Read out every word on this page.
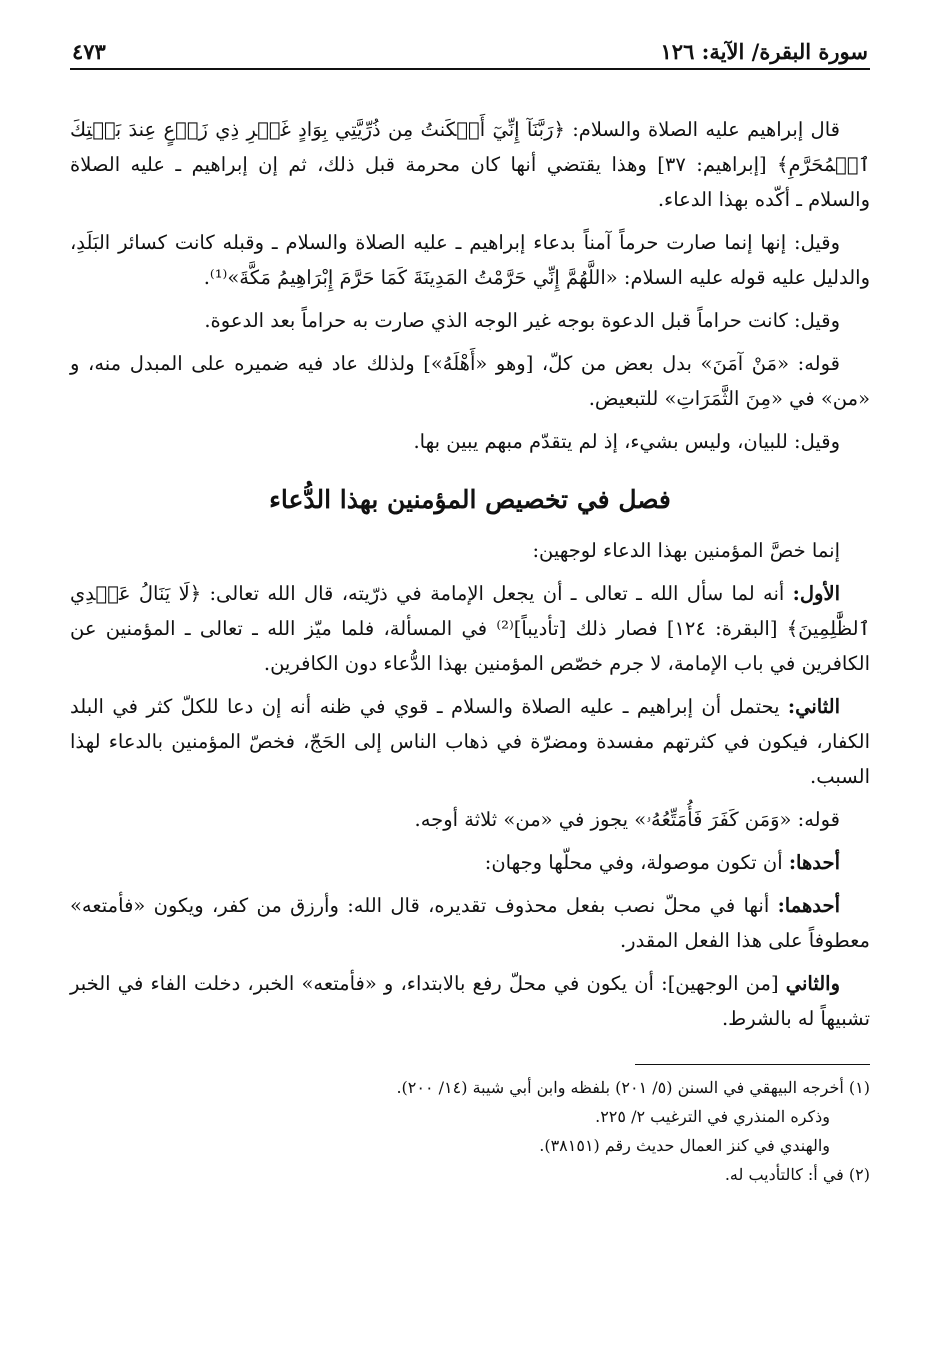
سورة البقرة/ الآية: ١٢٦
٤٧٣

قال إبراهيم عليه الصلاة والسلام: ﴿رَبَّنَآ إِنِّيٓ أَسۡكَنتُ مِن ذُرِّيَّتِي بِوَادٍ غَيۡرِ ذِي زَرۡعٍ عِندَ بَيۡتِكَ ٱلۡمُحَرَّمِ﴾ [إبراهيم: ٣٧] وهذا يقتضي أنها كان محرمة قبل ذلك، ثم إن إبراهيم ـ عليه الصلاة والسلام ـ أكّده بهذا الدعاء.

وقيل: إنها إنما صارت حرماً آمناً بدعاء إبراهيم ـ عليه الصلاة والسلام ـ وقبله كانت كسائر البَلَدِ، والدليل عليه قوله عليه السلام: «اللَّهُمَّ إِنِّي حَرَّمْتُ المَدِينَةَ كَمَا حَرَّمَ إِبْرَاهِيمُ مَكَّةَ»⁽¹⁾.

وقيل: كانت حراماً قبل الدعوة بوجه غير الوجه الذي صارت به حراماً بعد الدعوة.

قوله: «مَنْ آمَنَ» بدل بعض من كلّ، [وهو «أَهْلَهُ»] ولذلك عاد فيه ضميره على المبدل منه، و «من» في «مِنَ الثَّمَرَاتِ» للتبعيض.

وقيل: للبيان، وليس بشيء، إذ لم يتقدّم مبهم يبين بها.

فصل في تخصيص المؤمنين بهذا الدُّعاء

إنما خصَّ المؤمنين بهذا الدعاء لوجهين:

الأول: أنه لما سأل الله ـ تعالى ـ أن يجعل الإمامة في ذرّيته، قال الله تعالى: ﴿لَا يَنَالُ عَهۡدِي ٱلظَّٰلِمِينَ﴾ [البقرة: ١٢٤] فصار ذلك [تأديباً]⁽²⁾ في المسألة، فلما ميّز الله ـ تعالى ـ المؤمنين عن الكافرين في باب الإمامة، لا جرم خصّص المؤمنين بهذا الدُّعاء دون الكافرين.

الثاني: يحتمل أن إبراهيم ـ عليه الصلاة والسلام ـ قوي في ظنه أنه إن دعا للكلّ كثر في البلد الكفار، فيكون في كثرتهم مفسدة ومضرّة في ذهاب الناس إلى الحَجّ، فخصّ المؤمنين بالدعاء لهذا السبب.

قوله: «وَمَن كَفَرَ فَأُمَتِّعُهُۥ» يجوز في «من» ثلاثة أوجه.

أحدها: أن تكون موصولة، وفي محلّها وجهان:

أحدهما: أنها في محلّ نصب بفعل محذوف تقديره، قال الله: وأرزق من كفر، ويكون «فأمتعه» معطوفاً على هذا الفعل المقدر.

والثاني [من الوجهين]: أن يكون في محلّ رفع بالابتداء، و «فأمتعه» الخبر، دخلت الفاء في الخبر تشبيهاً له بالشرط.

(١) أخرجه البيهقي في السنن (٥/ ٢٠١) بلفظه وابن أبي شيبة (١٤/ ٢٠٠).

وذكره المنذري في الترغيب ٢/ ٢٢٥.

والهندي في كنز العمال حديث رقم (٣٨١٥١).

(٢) في أ: كالتأديب له.
